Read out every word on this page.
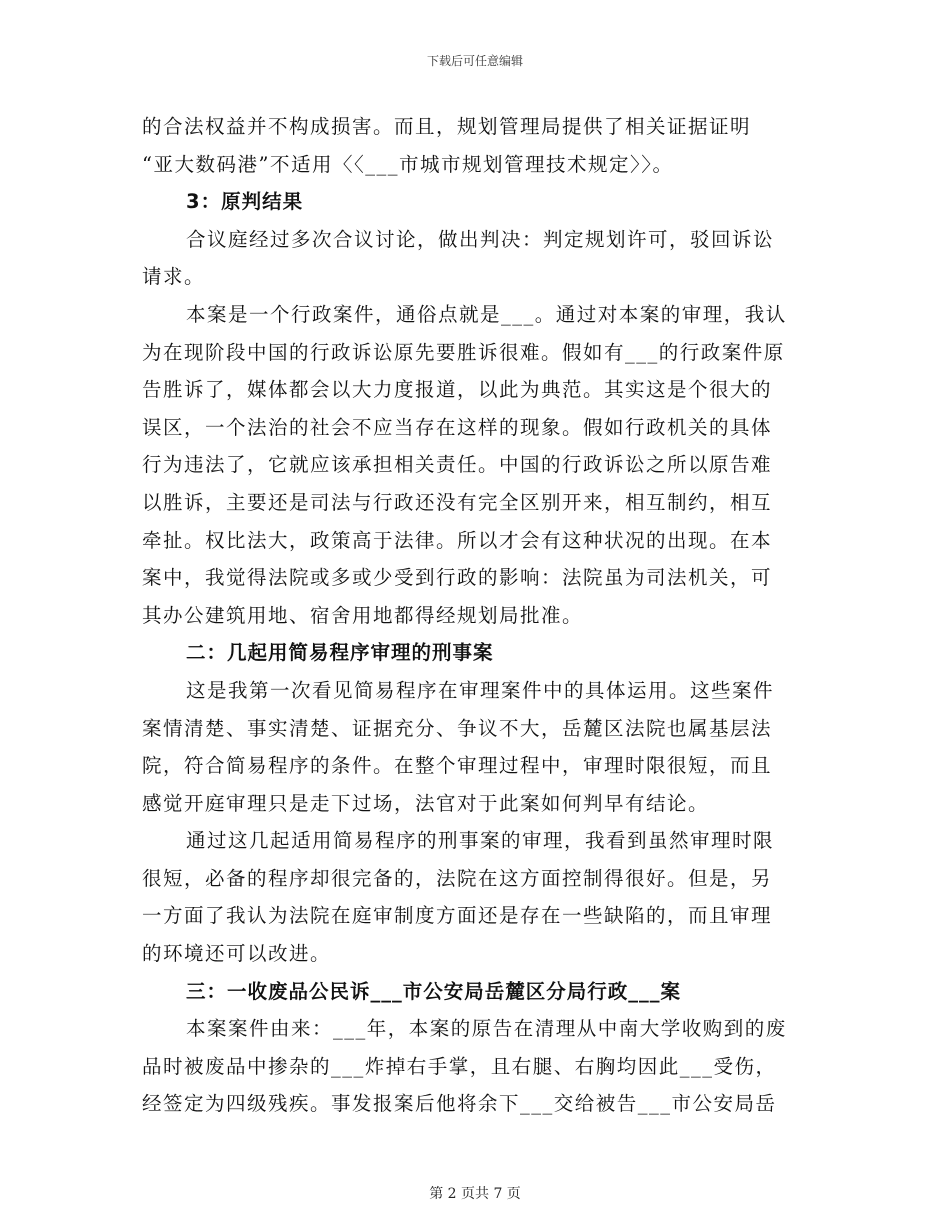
下载后可任意编辑
的合法权益并不构成损害。而且，规划管理局提供了相关证据证明
“亚大数码港”不适用〈〈___市城市规划管理技术规定〉〉。
3：原判结果
合议庭经过多次合议讨论，做出判决：判定规划许可，驳回诉讼
请求。
本案是一个行政案件，通俗点就是___。通过对本案的审理，我认
为在现阶段中国的行政诉讼原先要胜诉很难。假如有___的行政案件原
告胜诉了，媒体都会以大力度报道，以此为典范。其实这是个很大的
误区，一个法治的社会不应当存在这样的现象。假如行政机关的具体
行为违法了，它就应该承担相关责任。中国的行政诉讼之所以原告难
以胜诉，主要还是司法与行政还没有完全区别开来，相互制约，相互
牵扯。权比法大，政策高于法律。所以才会有这种状况的出现。在本
案中，我觉得法院或多或少受到行政的影响：法院虽为司法机关，可
其办公建筑用地、宿舍用地都得经规划局批准。
二：几起用简易程序审理的刑事案
这是我第一次看见简易程序在审理案件中的具体运用。这些案件
案情清楚、事实清楚、证据充分、争议不大，岳麓区法院也属基层法
院，符合简易程序的条件。在整个审理过程中，审理时限很短，而且
感觉开庭审理只是走下过场，法官对于此案如何判早有结论。
通过这几起适用简易程序的刑事案的审理，我看到虽然审理时限
很短，必备的程序却很完备的，法院在这方面控制得很好。但是，另
一方面了我认为法院在庭审制度方面还是存在一些缺陷的，而且审理
的环境还可以改进。
三：一收废品公民诉___市公安局岳麓区分局行政___案
本案案件由来：___年，本案的原告在清理从中南大学收购到的废
品时被废品中掺杂的___炸掉右手掌，且右腿、右胸均因此___受伤，
经签定为四级残疾。事发报案后他将余下___交给被告___市公安局岳
第 2 页共 7 页
